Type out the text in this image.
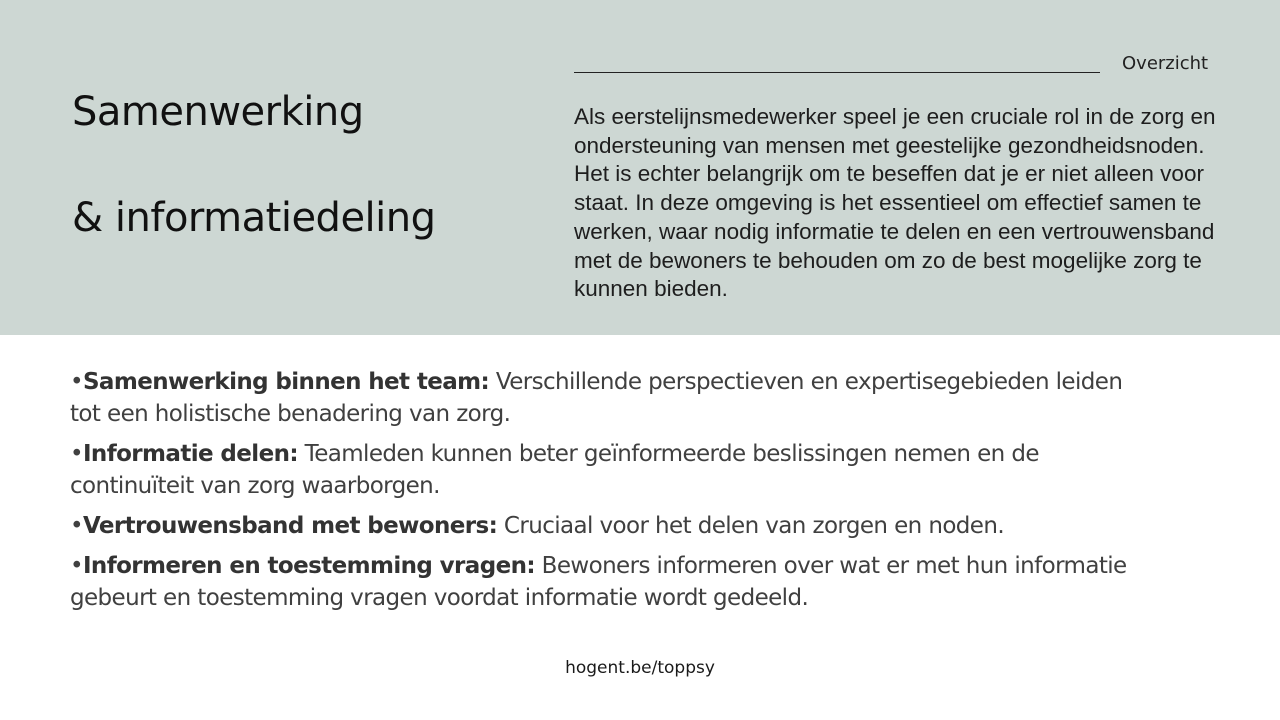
Samenwerking
& informatiedeling
Overzicht

Als eerstelijnsmedewerker speel je een cruciale rol in de zorg en ondersteuning van mensen met geestelijke gezondheidsnoden. Het is echter belangrijk om te beseffen dat je er niet alleen voor staat. In deze omgeving is het essentieel om effectief samen te werken, waar nodig informatie te delen en een vertrouwensband met de bewoners te behouden om zo de best mogelijke zorg te kunnen bieden.

•Samenwerking binnen het team: Verschillende perspectieven en expertisegebieden leiden tot een holistische benadering van zorg.
•Informatie delen: Teamleden kunnen beter geïnformeerde beslissingen nemen en de continuïteit van zorg waarborgen.
•Vertrouwensband met bewoners: Cruciaal voor het delen van zorgen en noden.
•Informeren en toestemming vragen: Bewoners informeren over wat er met hun informatie gebeurt en toestemming vragen voordat informatie wordt gedeeld.
hogent.be/toppsy
